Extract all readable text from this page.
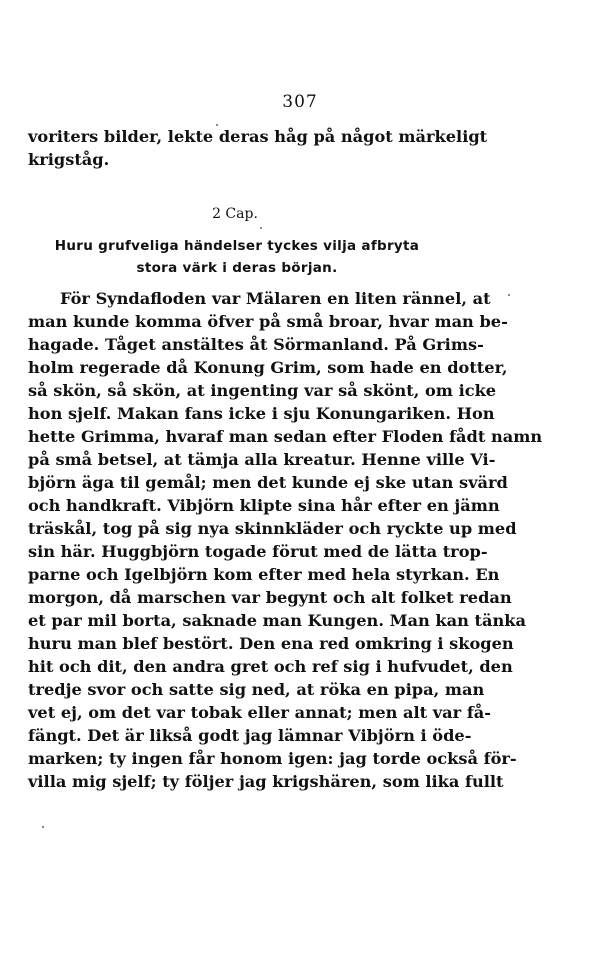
307
voriters bilder, lekte deras håg på något märkeligt
krigståg.
2 Cap.
Huru grufveliga händelser tyckes vilja afbryta
stora värk i deras början.
För Syndafloden var Mälaren en liten rännel, at
man kunde komma öfver på små broar, hvar man be-
hagade. Tåget anstältes åt Sörmanland. På Grims-
holm regerade då Konung Grim, som hade en dotter,
så skön, så skön, at ingenting var så skönt, om icke
hon sjelf. Makan fans icke i sju Konungariken. Hon
hette Grimma, hvaraf man sedan efter Floden fådt namn
på små betsel, at tämja alla kreatur. Henne ville Vi-
björn äga til gemål; men det kunde ej ske utan svärd
och handkraft. Vibjörn klipte sina hår efter en jämn
träskål, tog på sig nya skinnkläder och ryckte up med
sin här. Huggbjörn togade förut med de lätta trop-
parne och Igelbjörn kom efter med hela styrkan. En
morgon, då marschen var begynt och alt folket redan
et par mil borta, saknade man Kungen. Man kan tänka
huru man blef bestört. Den ena red omkring i skogen
hit och dit, den andra gret och ref sig i hufvudet, den
tredje svor och satte sig ned, at röka en pipa, man
vet ej, om det var tobak eller annat; men alt var få-
fängt. Det är likså godt jag lämnar Vibjörn i öde-
marken; ty ingen får honom igen: jag torde också för-
villa mig sjelf; ty följer jag krigshären, som lika fullt
